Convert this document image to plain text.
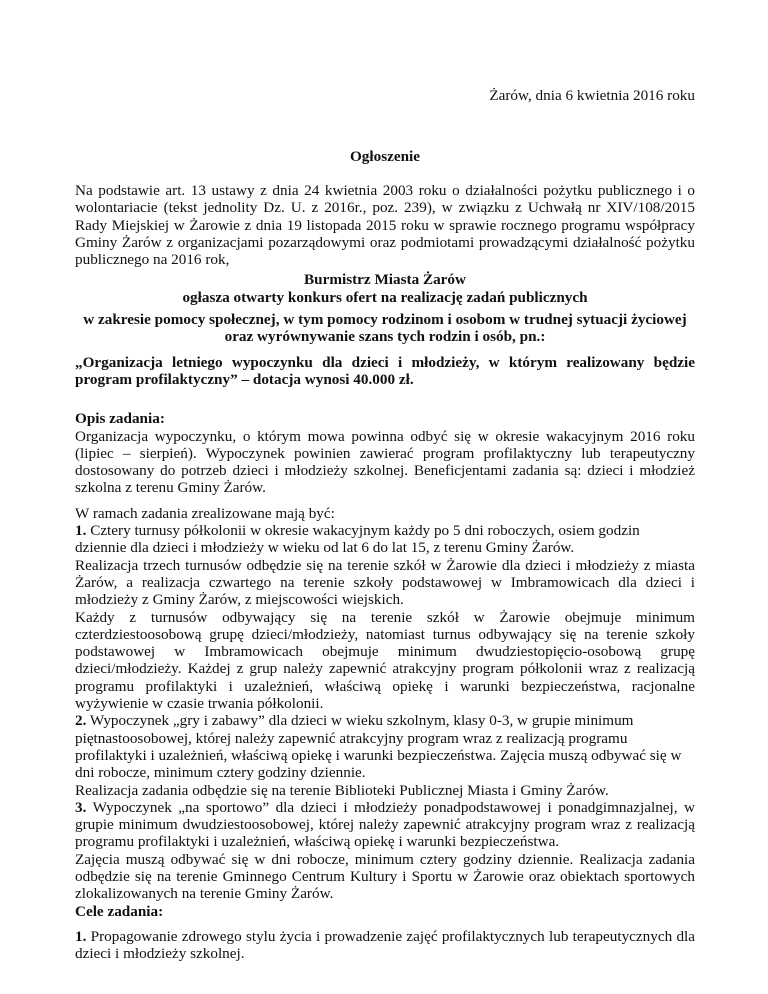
Żarów, dnia 6 kwietnia 2016 roku
Ogłoszenie

Na podstawie art. 13 ustawy z dnia 24 kwietnia 2003 roku o działalności pożytku publicznego i o wolontariacie (tekst jednolity Dz. U. z 2016r., poz. 239), w związku z Uchwałą nr XIV/108/2015 Rady Miejskiej w Żarowie z dnia 19 listopada 2015 roku w sprawie rocznego programu współpracy Gminy Żarów z organizacjami pozarządowymi oraz podmiotami prowadzącymi działalność pożytku publicznego na 2016 rok,

Burmistrz Miasta Żarów

ogłasza otwarty konkurs ofert na realizację zadań publicznych

w zakresie pomocy społecznej, w tym pomocy rodzinom i osobom w trudnej sytuacji życiowej

oraz wyrównywanie szans tych rodzin i osób, pn.:

„Organizacja letniego wypoczynku dla dzieci i młodzieży, w którym realizowany będzie program profilaktyczny” – dotacja wynosi 40.000 zł.

Opis zadania:

Organizacja wypoczynku, o którym mowa powinna odbyć się w okresie wakacyjnym 2016 roku (lipiec – sierpień). Wypoczynek powinien zawierać program profilaktyczny lub terapeutyczny dostosowany do potrzeb dzieci i młodzieży szkolnej. Beneficjentami zadania są: dzieci i młodzież szkolna z terenu Gminy Żarów.

W ramach zadania zrealizowane mają być:

1. Cztery turnusy półkolonii w okresie wakacyjnym każdy po 5 dni roboczych, osiem godzin

dziennie dla dzieci i młodzieży w wieku od lat 6 do lat 15, z terenu Gminy Żarów.

Realizacja trzech turnusów odbędzie się na terenie szkół w Żarowie dla dzieci i młodzieży z miasta Żarów, a realizacja czwartego na terenie szkoły podstawowej w Imbramowicach dla dzieci i młodzieży z Gminy Żarów, z miejscowości wiejskich.

Każdy z turnusów odbywający się na terenie szkół w Żarowie obejmuje minimum czterdziestoosobową grupę dzieci/młodzieży, natomiast turnus odbywający się na terenie szkoły podstawowej w Imbramowicach obejmuje minimum dwudziestopięcio-osobową grupę dzieci/młodzieży. Każdej z grup należy zapewnić atrakcyjny program półkolonii wraz z realizacją programu profilaktyki i uzależnień, właściwą opiekę i warunki bezpieczeństwa, racjonalne wyżywienie w czasie trwania półkolonii.

2. Wypoczynek „gry i zabawy” dla dzieci w wieku szkolnym, klasy 0-3, w grupie minimum

piętnastoosobowej, której należy zapewnić atrakcyjny program wraz z realizacją programu

profilaktyki i uzależnień, właściwą opiekę i warunki bezpieczeństwa. Zajęcia muszą odbywać się w

dni robocze, minimum cztery godziny dziennie.

Realizacja zadania odbędzie się na terenie Biblioteki Publicznej Miasta i Gminy Żarów.

3. Wypoczynek „na sportowo” dla dzieci i młodzieży ponadpodstawowej i ponadgimnazjalnej, w grupie minimum dwudziestoosobowej, której należy zapewnić atrakcyjny program wraz z realizacją programu profilaktyki i uzależnień, właściwą opiekę i warunki bezpieczeństwa.

Zajęcia muszą odbywać się w dni robocze, minimum cztery godziny dziennie. Realizacja zadania odbędzie się na terenie Gminnego Centrum Kultury i Sportu w Żarowie oraz obiektach sportowych zlokalizowanych na terenie Gminy Żarów.

Cele zadania:

1. Propagowanie zdrowego stylu życia i prowadzenie zajęć profilaktycznych lub terapeutycznych dla dzieci i młodzieży szkolnej.
